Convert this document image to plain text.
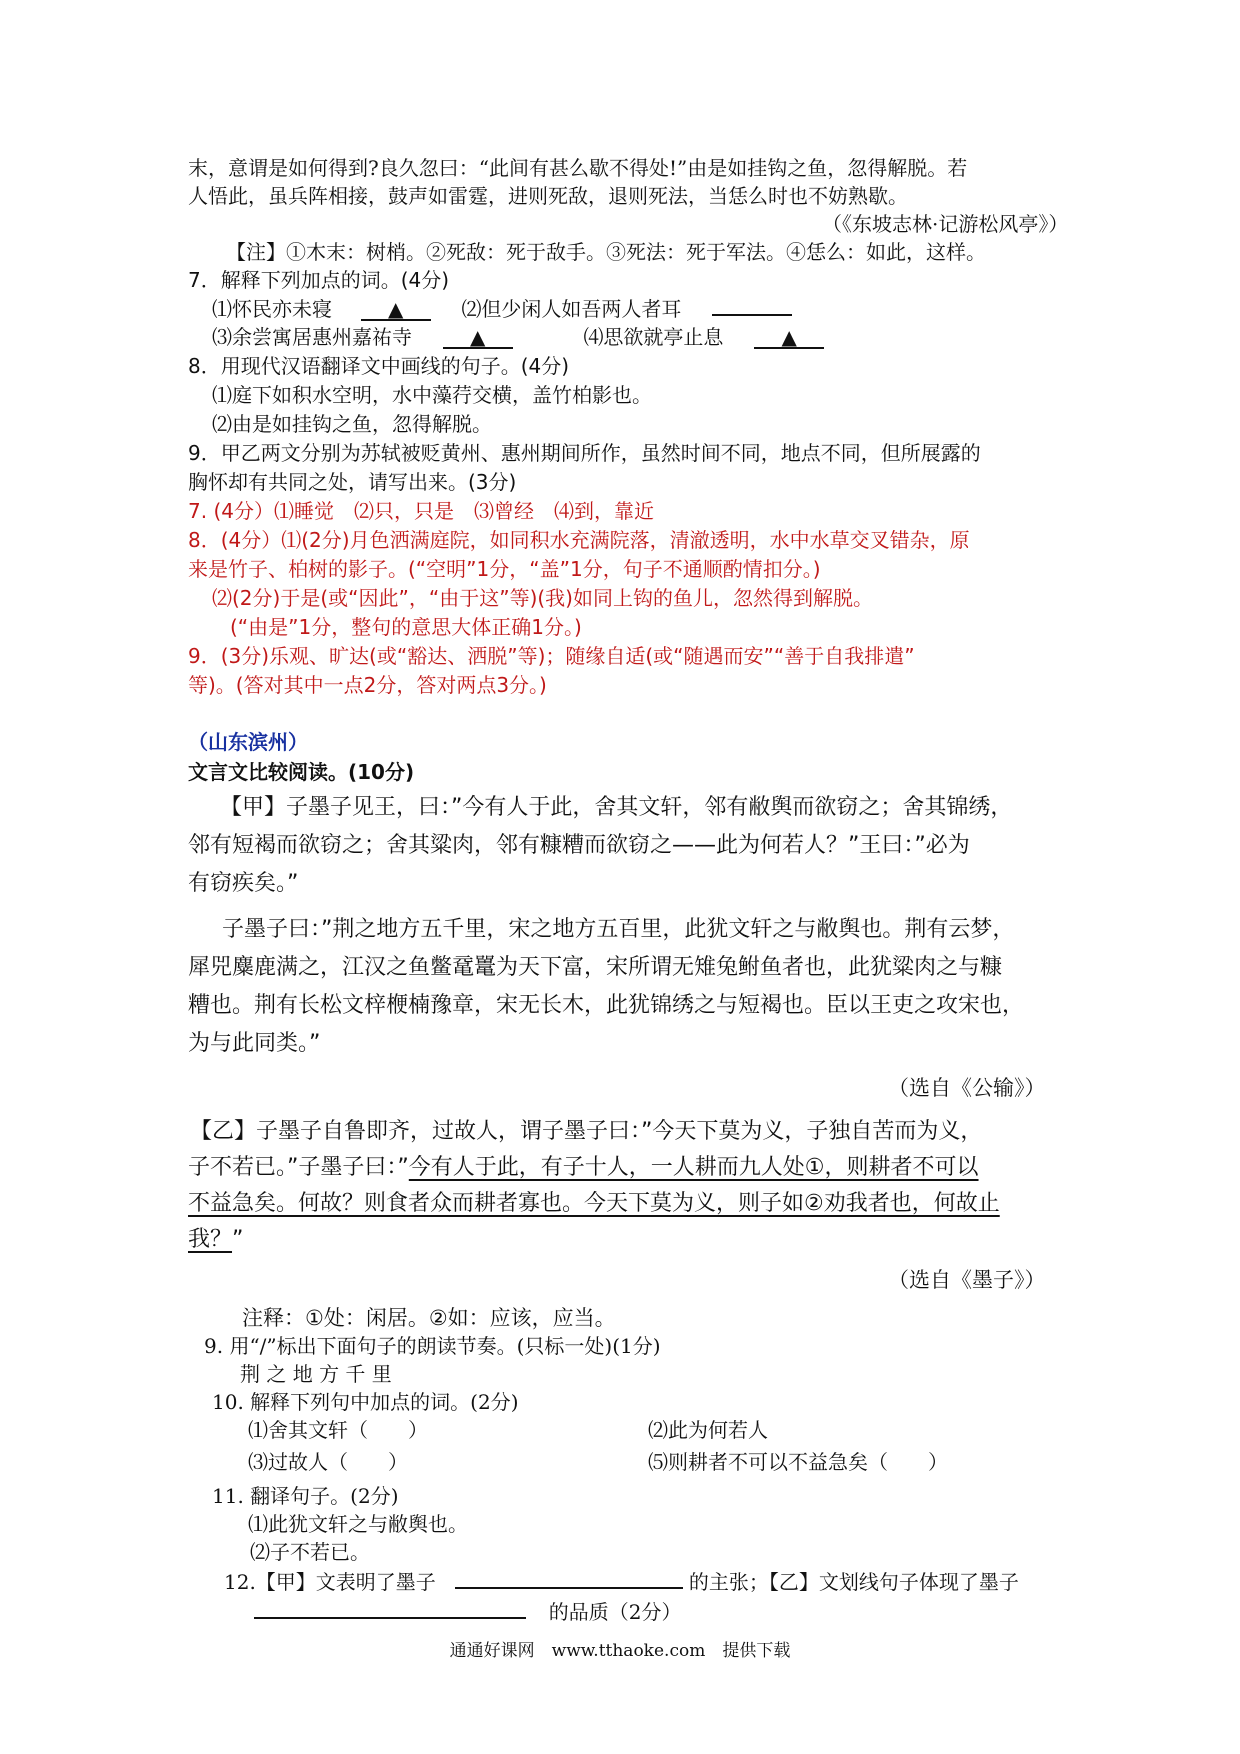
末，意谓是如何得到?良久忽曰：“此间有甚么歇不得处!”由是如挂钩之鱼，忽得解脱。若
人悟此，虽兵阵相接，鼓声如雷霆，进则死敌，退则死法，当恁么时也不妨熟歇。
（《东坡志林·记游松风亭》）
【注】①木末：树梢。②死敌：死于敌手。③死法：死于军法。④恁么：如此，这样。
7．解释下列加点的词。(4分)
⑴怀民亦未寝	▲	⑵但少闲人如吾两人者耳
⑶余尝寓居惠州嘉祐寺	▲	⑷思欲就亭止息	▲
8．用现代汉语翻译文中画线的句子。(4分)
⑴庭下如积水空明，水中藻荇交横，盖竹柏影也。
⑵由是如挂钩之鱼，忽得解脱。
9．甲乙两文分别为苏轼被贬黄州、惠州期间所作，虽然时间不同，地点不同，但所展露的
胸怀却有共同之处，请写出来。(3分)
7. (4分）⑴睡觉　⑵只，只是　⑶曾经　⑷到，靠近
8．(4分）⑴(2分)月色洒满庭院，如同积水充满院落，清澈透明，水中水草交叉错杂，原
来是竹子、柏树的影子。(“空明”1分，“盖”1分，句子不通顺酌情扣分。)
⑵(2分)于是(或“因此”，“由于这”等)(我)如同上钩的鱼儿，忽然得到解脱。
(“由是”1分，整句的意思大体正确1分。)
9．(3分)乐观、旷达(或“豁达、洒脱”等)；随缘自适(或“随遇而安”“善于自我排遣”
等)。(答对其中一点2分，答对两点3分。)
（山东滨州）
文言文比较阅读。(10分)
【甲】子墨子见王，曰：”今有人于此，舍其文轩，邻有敝舆而欲窃之；舍其锦绣，
邻有短褐而欲窃之；舍其粱肉，邻有糠糟而欲窃之——此为何若人？”王曰：”必为
有窃疾矣。”
子墨子曰：”荆之地方五千里，宋之地方五百里，此犹文轩之与敝舆也。荆有云梦，
犀兕麋鹿满之，江汉之鱼鳖鼋鼍为天下富，宋所谓无雉兔鲋鱼者也，此犹粱肉之与糠
糟也。荆有长松文梓楩楠豫章，宋无长木，此犹锦绣之与短褐也。臣以王吏之攻宋也，
为与此同类。”
（选自《公输》）
【乙】子墨子自鲁即齐，过故人，谓子墨子曰：”今天下莫为义，子独自苦而为义，
子不若已。”子墨子曰：”今有人于此，有子十人，一人耕而九人处①，则耕者不可以
不益急矣。何故？则食者众而耕者寡也。今天下莫为义，则子如②劝我者也，何故止
我？”
（选自《墨子》）
注释：①处：闲居。②如：应该，应当。
9. 用“/”标出下面句子的朗读节奏。(只标一处)(1分)
荆 之 地 方 千 里
10. 解释下列句中加点的词。(2分)
⑴舍其文轩（　　）	⑵此为何若人
⑶过故人（　　）	⑸则耕者不可以不益急矣（　　）
11. 翻译句子。(2分)
⑴此犹文轩之与敝舆也。
⑵子不若已。
12.【甲】文表明了墨子	的主张；【乙】文划线句子体现了墨子
的品质（2分）
通通好课网　www.tthaoke.com　提供下载
